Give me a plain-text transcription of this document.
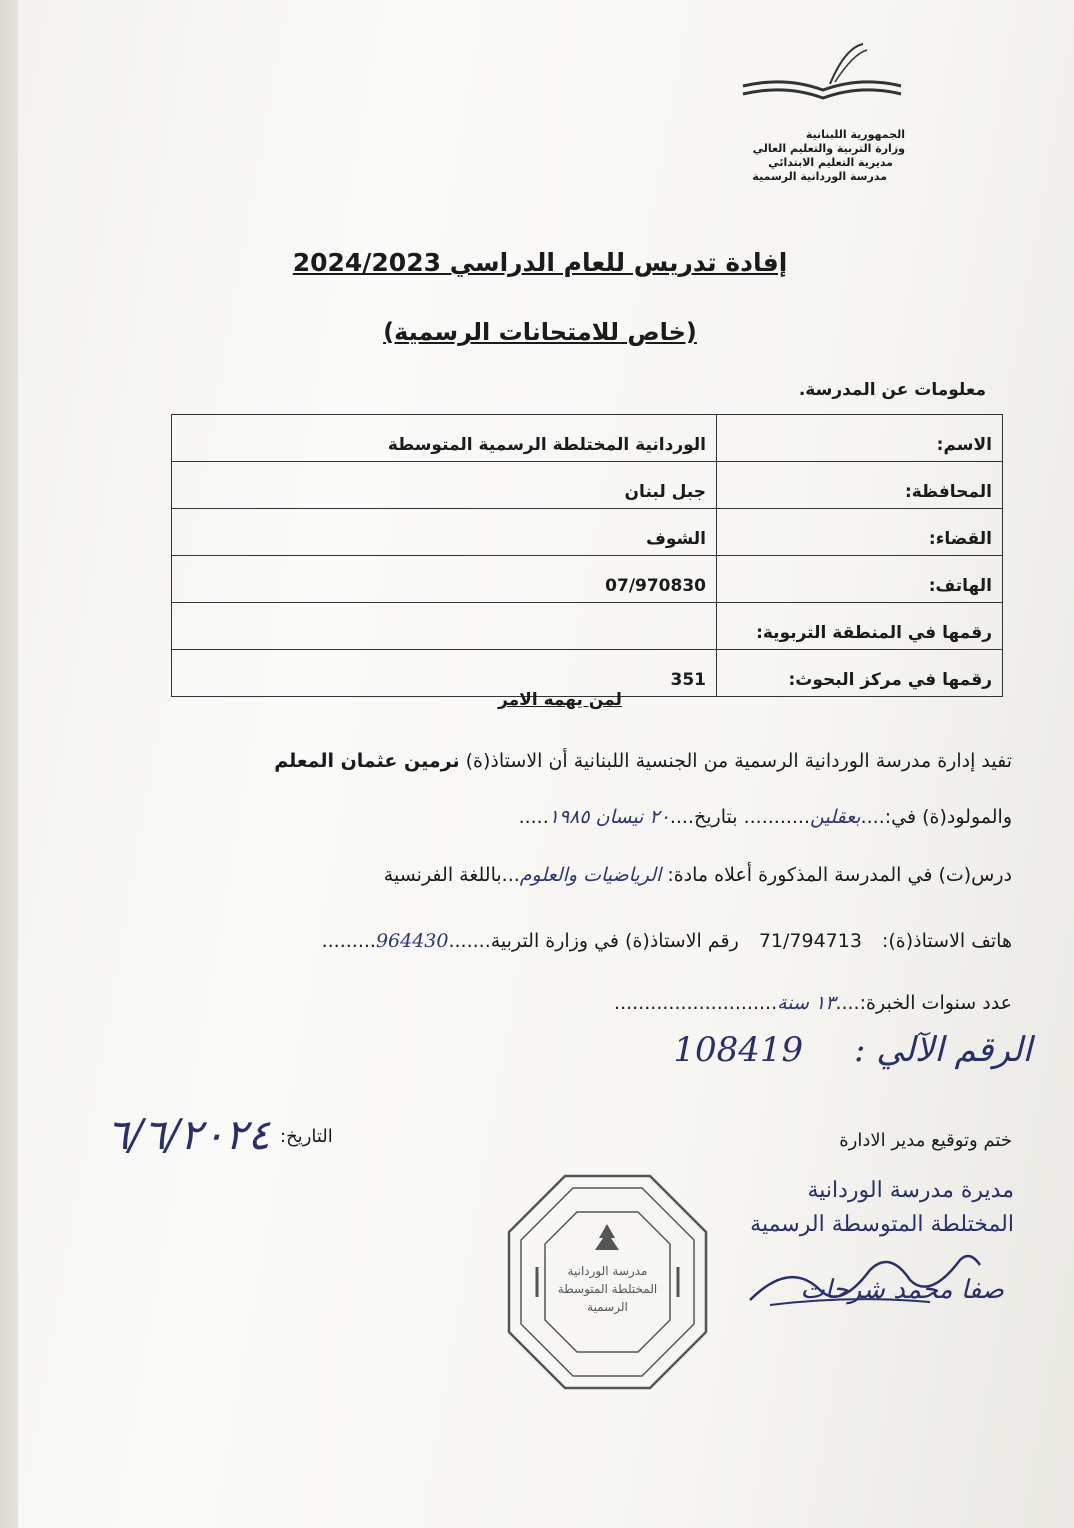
الجمهورية اللبنانية
وزارة التربية والتعليم العالي
مديرية التعليم الابتدائي
مدرسة الوردانية الرسمية
إفادة تدريس للعام الدراسي 2024/2023
(خاص للامتحانات الرسمية)
معلومات عن المدرسة.
الوردانية المختلطة الرسمية المتوسطة	الاسم:
جبل لبنان	المحافظة:
الشوف	القضاء:
07/970830	الهاتف:
	رقمها في المنطقة التربوية:
351	رقمها في مركز البحوث:
لمن يهمه الامر
تفيد إدارة مدرسة الوردانية الرسمية من الجنسية اللبنانية أن الاستاذ(ة) نرمين عثمان المعلم
والمولود(ة) في:....بعقلين........... بتاريخ....٢٠ نيسان ١٩٨٥.....
درس(ت) في المدرسة المذكورة أعلاه مادة: الرياضيات والعلوم...باللغة الفرنسية
هاتف الاستاذ(ة): 71/794713 رقم الاستاذ(ة) في وزارة التربية.......964430.........
عدد سنوات الخبرة:....١٣ سنة...........................
الرقم الآلي : 108419
ختم وتوقيع مدير الادارة
التاريخ:
٦/٦/٢٠٢٤
مديرة مدرسة الوردانية
المختلطة المتوسطة الرسمية
صفا محمد شرحات
مدرسة الوردانية
المختلطة المتوسطة
الرسمية
